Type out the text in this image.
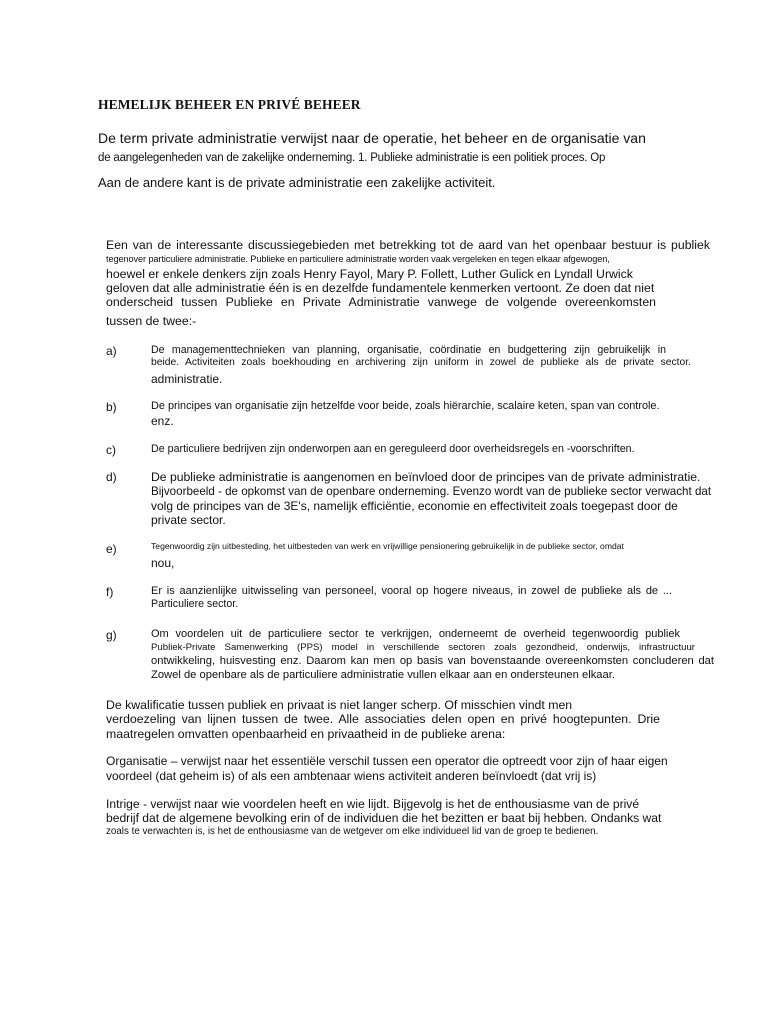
HEMELIJK BEHEER EN PRIVÉ BEHEER
De term private administratie verwijst naar de operatie, het beheer en de organisatie van
de aangelegenheden van de zakelijke onderneming. 1. Publieke administratie is een politiek proces. Op
Aan de andere kant is de private administratie een zakelijke activiteit.
Een van de interessante discussiegebieden met betrekking tot de aard van het openbaar bestuur is publiek
tegenover particuliere administratie. Publieke en particuliere administratie worden vaak vergeleken en tegen elkaar afgewogen,
hoewel er enkele denkers zijn zoals Henry Fayol, Mary P. Follett, Luther Gulick en Lyndall Urwick
geloven dat alle administratie één is en dezelfde fundamentele kenmerken vertoont. Ze doen dat niet
onderscheid tussen Publieke en Private Administratie vanwege de volgende overeenkomsten
tussen de twee:-
a)	De managementtechnieken van planning, organisatie, coördinatie en budgettering zijn gebruikelijk in
beide. Activiteiten zoals boekhouding en archivering zijn uniform in zowel de publieke als de private sector.
administratie.
b)	De principes van organisatie zijn hetzelfde voor beide, zoals hiërarchie, scalaire keten, span van controle.
enz.
c)	De particuliere bedrijven zijn onderworpen aan en gereguleerd door overheidsregels en -voorschriften.
d)	De publieke administratie is aangenomen en beïnvloed door de principes van de private administratie.
Bijvoorbeeld - de opkomst van de openbare onderneming. Evenzo wordt van de publieke sector verwacht dat
volg de principes van de 3E's, namelijk efficiëntie, economie en effectiviteit zoals toegepast door de
private sector.
e)	Tegenwoordig zijn uitbesteding, het uitbesteden van werk en vrijwillige pensionering gebruikelijk in de publieke sector, omdat
nou,
f)	Er is aanzienlijke uitwisseling van personeel, vooral op hogere niveaus, in zowel de publieke als de ...
Particuliere sector.
g)	Om voordelen uit de particuliere sector te verkrijgen, onderneemt de overheid tegenwoordig publiek
Publiek-Private Samenwerking (PPS) model in verschillende sectoren zoals gezondheid, onderwijs, infrastructuur
ontwikkeling, huisvesting enz. Daarom kan men op basis van bovenstaande overeenkomsten concluderen dat
Zowel de openbare als de particuliere administratie vullen elkaar aan en ondersteunen elkaar.
De kwalificatie tussen publiek en privaat is niet langer scherp. Of misschien vindt men
verdoezeling van lijnen tussen de twee. Alle associaties delen open en privé hoogtepunten. Drie
maatregelen omvatten openbaarheid en privaatheid in de publieke arena:
Organisatie – verwijst naar het essentiële verschil tussen een operator die optreedt voor zijn of haar eigen
voordeel (dat geheim is) of als een ambtenaar wiens activiteit anderen beïnvloedt (dat vrij is)
Intrige - verwijst naar wie voordelen heeft en wie lijdt. Bijgevolg is het de enthousiasme van de privé
bedrijf dat de algemene bevolking erin of de individuen die het bezitten er baat bij hebben. Ondanks wat
zoals te verwachten is, is het de enthousiasme van de wetgever om elke individueel lid van de groep te bedienen.
